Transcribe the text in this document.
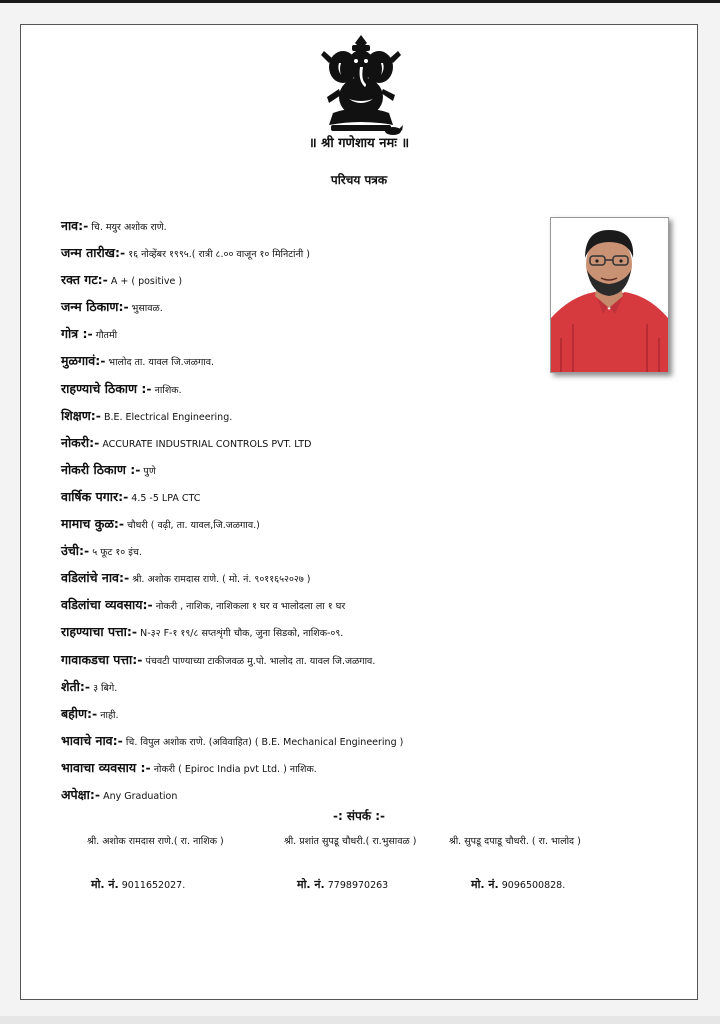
॥ श्री गणेशाय नमः ॥
परिचय पत्रक
नाव:- चि. मयुर अशोक राणे.
जन्म तारीख:- १६ नोव्हेंबर १९९५.( रात्री ८.०० वाजून १० मिनिटांनी )
रक्त गट:- A + ( positive )
जन्म ठिकाण:- भुसावळ.
गोत्र :- गौतमी
मुळगावं:- भालोद ता. यावल जि.जळगाव.
राहण्याचे ठिकाण :- नाशिक.
शिक्षण:- B.E. Electrical Engineering.
नोकरी:- ACCURATE INDUSTRIAL CONTROLS PVT. LTD
नोकरी ठिकाण :- पुणे
वार्षिक पगार:- 4.5 -5 LPA CTC
मामाच कुळ:- चौधरी ( वढ़ी, ता. यावल,जि.जळगाव.)
उंची:- ५ फूट १० इंच.
वडिलांचे नाव:- श्री. अशोक रामदास राणे. ( मो. नं. ९०११६५२०२७ )
वडिलांचा व्यवसाय:- नोकरी , नाशिक, नाशिकला १ घर व भालोदला ला १ घर
राहण्याचा पत्ता:- N-३२ F-१ १९/८ सप्तशृंगी चौक, जुना सिडको, नाशिक-०९.
गावाकडचा पत्ता:- पंचवटी पाण्याच्या टाकीजवळ मु.पो. भालोद ता. यावल जि.जळगाव.
शेती:- ३ बिगे.
बहीण:- नाही.
भावाचे नाव:- चि. विपुल अशोक राणे. (अविवाहित) ( B.E. Mechanical Engineering )
भावाचा व्यवसाय :- नोकरी ( Epiroc India pvt Ltd. ) नाशिक.
अपेक्षा:- Any Graduation
-: संपर्क :-
श्री. अशोक रामदास राणे.( रा. नाशिक )	श्री. प्रशांत सुपडू चौधरी.( रा.भुसावळ )	श्री. सुपडू दपाडू चौधरी. ( रा. भालोद )
मो. नं. 9011652027.	मो. नं. 7798970263	मो. नं. 9096500828.
